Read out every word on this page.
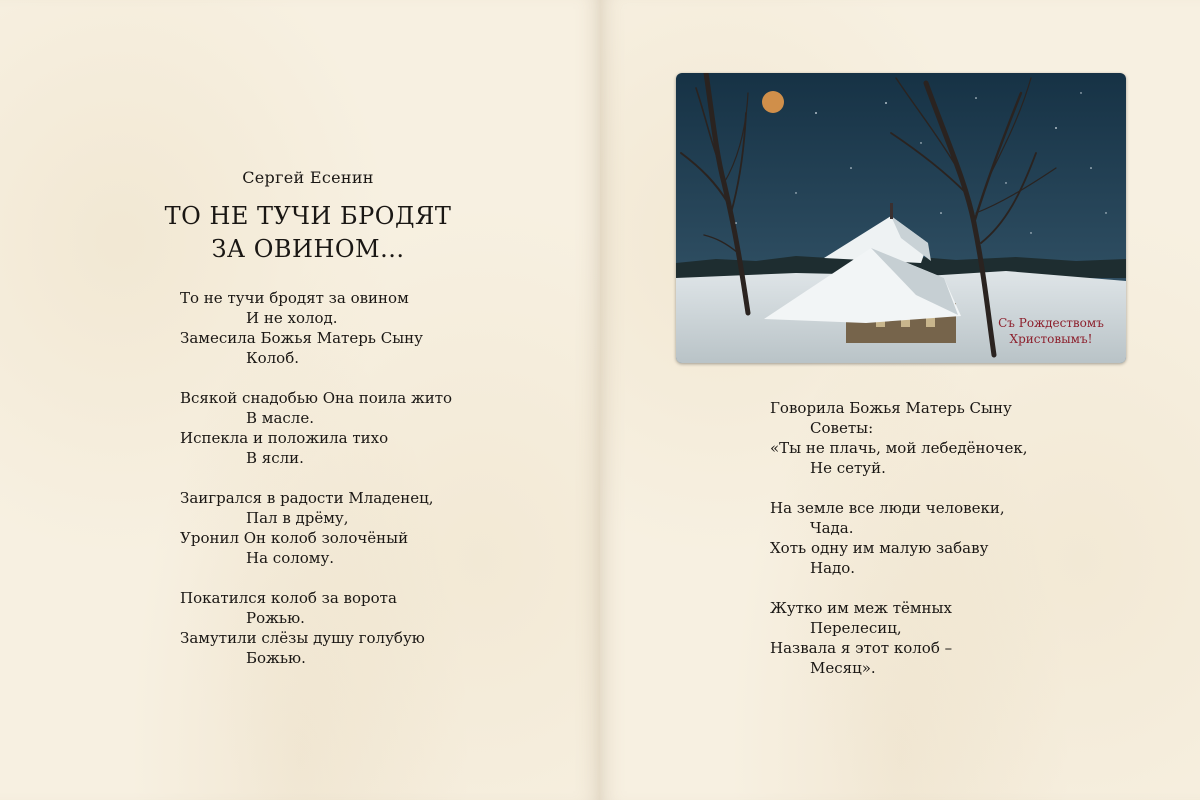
Сергей Есенин
ТО НЕ ТУЧИ БРОДЯТ
ЗА ОВИНОМ...
То не тучи бродят за овином
И не холод.
Замесила Божья Матерь Сыну
Колоб.
Всякой снадобью Она поила жито
В масле.
Испекла и положила тихо
В ясли.
Заигрался в радости Младенец,
Пал в дрёму,
Уронил Он колоб золочёный
На солому.
Покатился колоб за ворота
Рожью.
Замутили слёзы душу голубую
Божью.
Съ Рождествомъ
Христовымъ!
Говорила Божья Матерь Сыну
Советы:
«Ты не плачь, мой лебедёночек,
Не сетуй.
На земле все люди человеки,
Чада.
Хоть одну им малую забаву
Надо.
Жутко им меж тёмных
Перелесиц,
Назвала я этот колоб –
Месяц».
